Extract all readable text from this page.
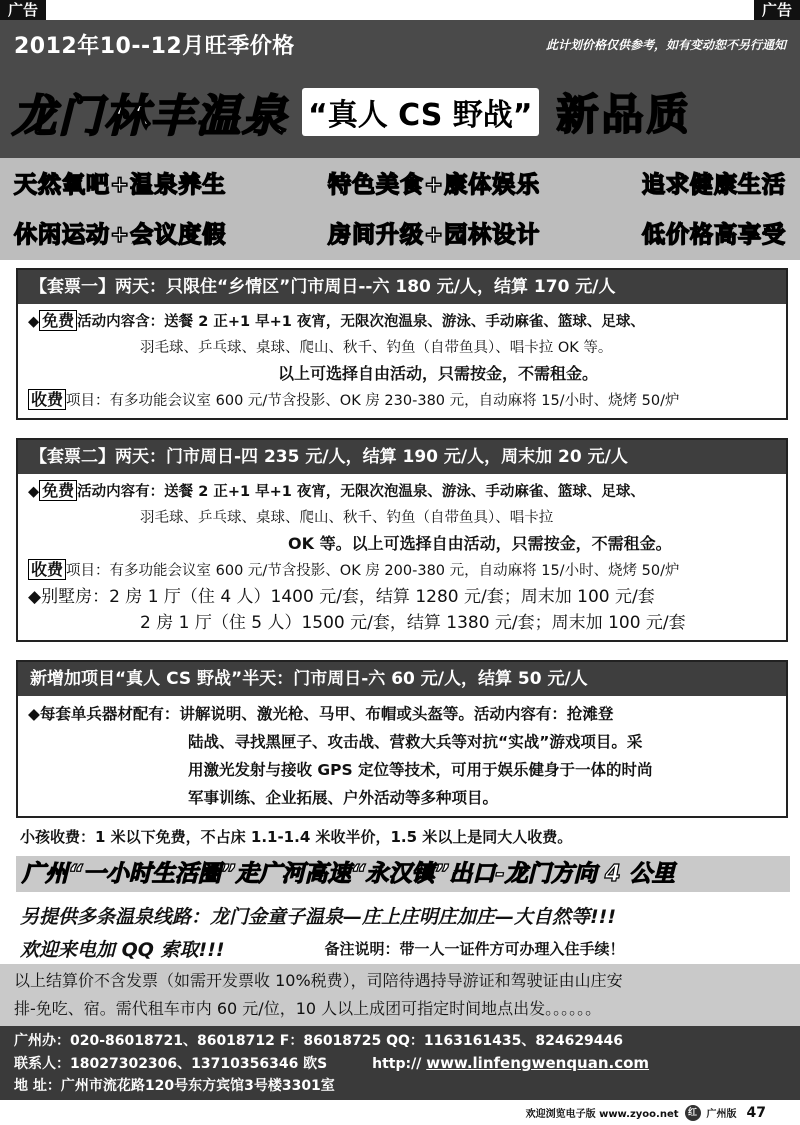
广告	广告
2012年10--12月旺季价格	此计划价格仅供参考，如有变动恕不另行通知
龙门林丰温泉 “真人 CS 野战” 新品质
天然氧吧+温泉养生	特色美食+康体娱乐	追求健康生活
休闲运动+会议度假	房间升级+园林设计	低价格高享受
【套票一】两天：只限住“乡情区”门市周日--六 180 元/人，结算 170 元/人
◆ 免费 活动内容含：送餐 2 正+1 早+1 夜宵，无限次泡温泉、游泳、手动麻雀、篮球、足球、
羽毛球、乒乓球、桌球、爬山、秋千、钓鱼（自带鱼具）、唱卡拉 OK 等。
以上可选择自由活动，只需按金，不需租金。
收费 项目：有多功能会议室 600 元/节含投影、OK 房 230-380 元，自动麻将 15/小时、烧烤 50/炉
【套票二】两天：门市周日-四 235 元/人，结算 190 元/人，周末加 20 元/人
◆ 免费 活动内容有：送餐 2 正+1 早+1 夜宵，无限次泡温泉、游泳、手动麻雀、篮球、足球、
羽毛球、乒乓球、桌球、爬山、秋千、钓鱼（自带鱼具）、唱卡拉
OK 等。以上可选择自由活动，只需按金，不需租金。
收费 项目：有多功能会议室 600 元/节含投影、OK 房 200-380 元，自动麻将 15/小时、烧烤 50/炉
◆别墅房：2 房 1 厅（住 4 人）1400 元/套，结算 1280 元/套；周末加 100 元/套
2 房 1 厅（住 5 人）1500 元/套，结算 1380 元/套；周末加 100 元/套
新增加项目“真人 CS 野战”半天：门市周日-六 60 元/人，结算 50 元/人
◆每套单兵器材配有：讲解说明、激光枪、马甲、布帽或头盔等。活动内容有：抢滩登
陆战、寻找黑匣子、攻击战、营救大兵等对抗“实战”游戏项目。采
用激光发射与接收 GPS 定位等技术，可用于娱乐健身于一体的时尚
军事训练、企业拓展、户外活动等多种项目。
小孩收费：1 米以下免费，不占床 1.1-1.4 米收半价，1.5 米以上是同大人收费。
广州“一小时生活圈”走广河高速“永汉镇”出口-龙门方向 4 公里
另提供多条温泉线路：龙门金童子温泉—庄上庄明庄加庄—大自然等!!!
欢迎来电加 QQ 索取!!!	备注说明：带一人一证件方可办理入住手续！
以上结算价不含发票（如需开发票收 10%税费），司陪待遇持导游证和驾驶证由山庄安
排-免吃、宿。需代租车市内 60 元/位，10 人以上成团可指定时间地点出发。。。。。。
广州办：020-86018721、86018712 F：86018725 QQ：1163161435、824629446
联系人：18027302306、13710356346 欧S	http:// www.linfengwenquan.com
地 址：广州市流花路120号东方宾馆3号楼3301室
欢迎浏览电子版 www.zyoo.net	红 广州版 47
